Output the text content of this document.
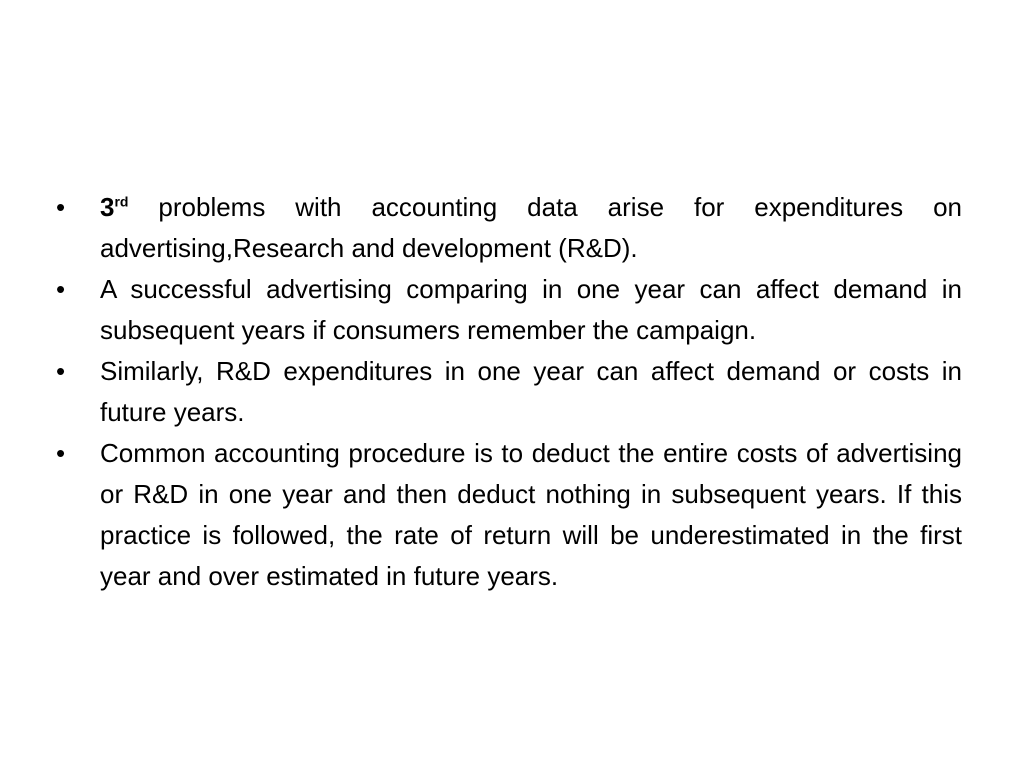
•	3rd problems with accounting data arise for expenditures on advertising,Research and development (R&D).
•	A successful advertising comparing in one year can affect demand in subsequent years if consumers remember the campaign.
•	Similarly, R&D expenditures in one year can affect demand or costs in future years.
•	Common accounting procedure is to deduct the entire costs of advertising or R&D in one year and then deduct nothing in subsequent years. If this practice is followed, the rate of return will be underestimated in the first year and over estimated in future years.
